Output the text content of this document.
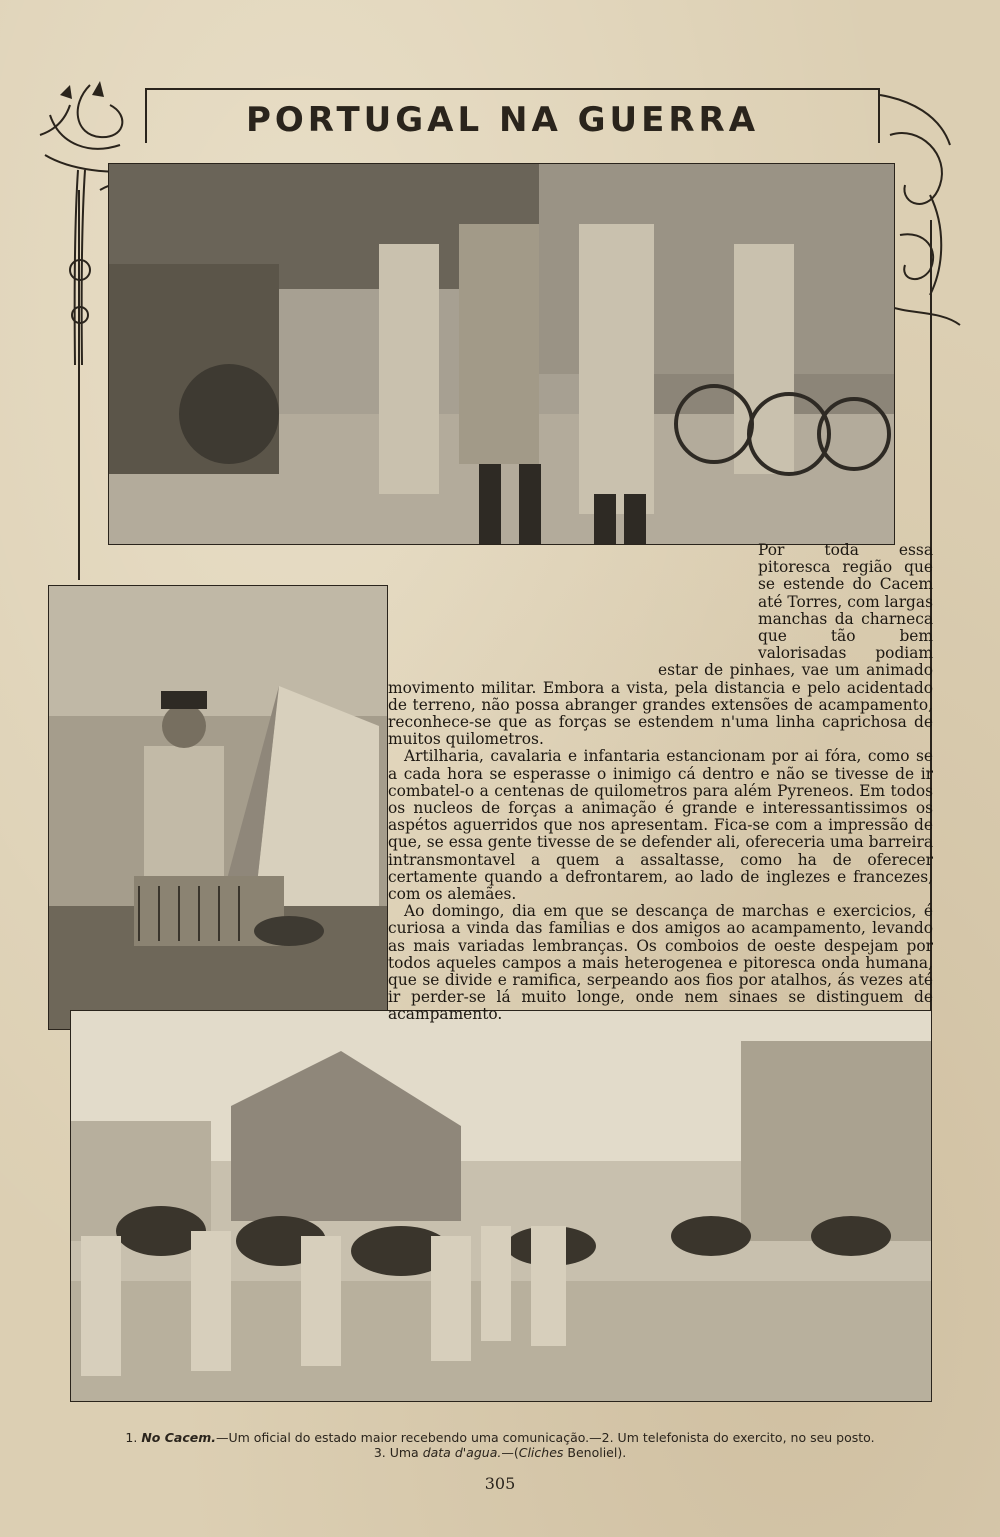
PORTUGAL NA GUERRA

Por toda essa pitoresca região que se estende do Cacem até Torres, com largas manchas da charneca que tão bem valorisadas podiam estar de pinhaes, vae um animado movimento militar. Embora a vista, pela distancia e pelo acidentado de terreno, não possa abranger grandes extensões de acampamento, reconhece-se que as forças se estendem n'uma linha caprichosa de muitos quilometros.

Artilharia, cavalaria e infantaria estancionam por ai fóra, como se a cada hora se esperasse o inimigo cá dentro e não se tivesse de ir combatel-o a centenas de quilometros para além Pyreneos. Em todos os nucleos de forças a animação é grande e interessantissimos os aspétos aguerridos que nos apresentam. Fica-se com a impressão de que, se essa gente tivesse de se defender ali, ofereceria uma barreira intransmontavel a quem a assaltasse, como ha de oferecer certamente quando a defrontarem, ao lado de inglezes e francezes, com os alemães.

Ao domingo, dia em que se descança de marchas e exercicios, é curiosa a vinda das familias e dos amigos ao acampamento, levando as mais variadas lembranças. Os comboios de oeste despejam por todos aqueles campos a mais heterogenea e pitoresca onda humana, que se divide e ramifica, serpeando aos fios por atalhos, ás vezes até ir perder-se lá muito longe, onde nem sinaes se distinguem de acampamento.

1. No Cacem.—Um oficial do estado maior recebendo uma comunicação.—2. Um telefonista do exercito, no seu posto.
3. Uma data d'agua.—(Cliches Benoliel).
305
